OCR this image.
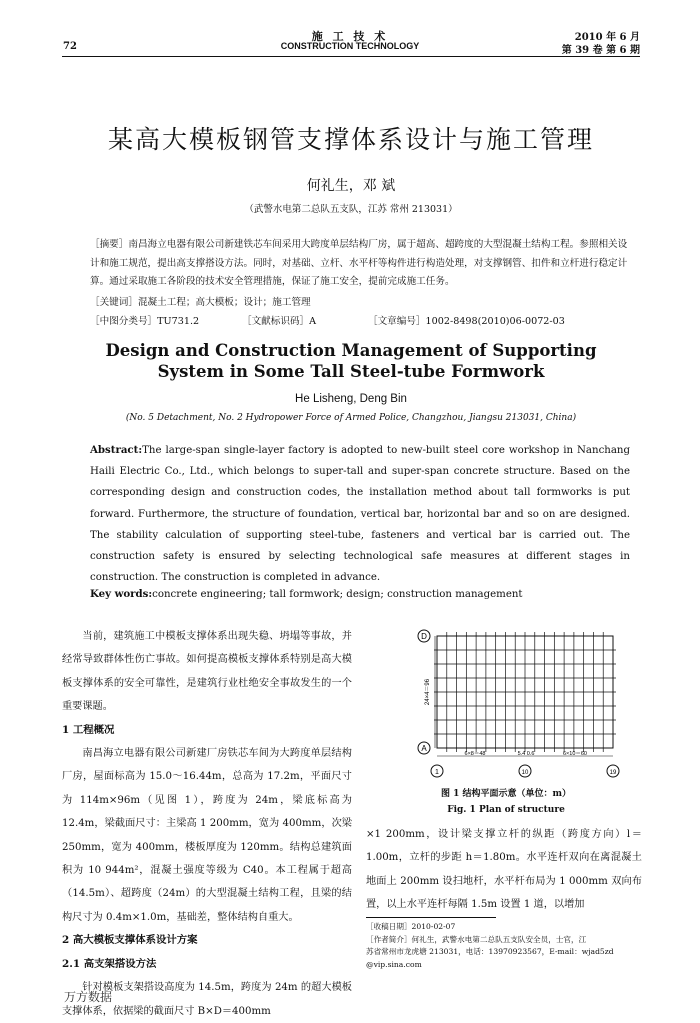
施 工 技 术
CONSTRUCTION TECHNOLOGY
72
2010 年 6 月
第 39 卷 第 6 期
某高大模板钢管支撑体系设计与施工管理
何礼生，邓 斌
（武警水电第二总队五支队，江苏 常州 213031）
［摘要］南昌海立电器有限公司新建铁芯车间采用大跨度单层结构厂房，属于超高、超跨度的大型混凝土结构工程。参照相关设计和施工规范，提出高支撑搭设方法。同时，对基础、立杆、水平杆等构件进行构造处理，对支撑钢管、扣件和立杆进行稳定计算。通过采取施工各阶段的技术安全管理措施，保证了施工安全，提前完成施工任务。
［关键词］混凝土工程；高大模板；设计；施工管理
［中图分类号］TU731.2	［文献标识码］A	［文章编号］1002-8498(2010)06-0072-03
Design and Construction Management of Supporting
System in Some Tall Steel-tube Formwork
He Lisheng, Deng Bin
(No. 5 Detachment, No. 2 Hydropower Force of Armed Police, Changzhou, Jiangsu 213031, China)
Abstract:The large-span single-layer factory is adopted to new-built steel core workshop in Nanchang Haili Electric Co., Ltd., which belongs to super-tall and super-span concrete structure. Based on the corresponding design and construction codes, the installation method about tall formworks is put forward. Furthermore, the structure of foundation, vertical bar, horizontal bar and so on are designed. The stability calculation of supporting steel-tube, fasteners and vertical bar is carried out. The construction safety is ensured by selecting technological safe measures at different stages in construction. The construction is completed in advance.
Key words:concrete engineering; tall formwork; design; construction management

当前，建筑施工中模板支撑体系出现失稳、坍塌等事故，并经常导致群体性伤亡事故。如何提高模板支撑体系特别是高大模板支撑体系的安全可靠性，是建筑行业杜绝安全事故发生的一个重要课题。

1 工程概况

南昌海立电器有限公司新建厂房铁芯车间为大跨度单层结构厂房，屋面标高为 15.0～16.44m，总高为 17.2m，平面尺寸为 114m×96m（见图 1），跨度为 24m，梁底标高为 12.4m，梁截面尺寸：主梁高 1 200mm，宽为 400mm，次梁 250mm，宽为 400mm，楼板厚度为 120mm。结构总建筑面积为 10 944m²，混凝土强度等级为 C40。本工程属于超高（14.5m）、超跨度（24m）的大型混凝土结构工程，且梁的结构尺寸为 0.4m×1.0m，基础差，整体结构自重大。

2 高大模板支撑体系设计方案
2.1 高支架搭设方法

针对模板支架搭设高度为 14.5m，跨度为 24m 的超大模板支撑体系，依据梁的截面尺寸 B×D＝400mm

D
A
1	10	19
24×4＝96
6×8＝48	5.4 0.6	6×10＝60
图 1 结构平面示意（单位：m）
Fig. 1 Plan of structure
×1 200mm，设计梁支撑立杆的纵距（跨度方向）l＝1.00m，立杆的步距 h＝1.80m。水平连杆双向在离混凝土地面上 200mm 设扫地杆，水平杆布局为 1 000mm 双向布置，以上水平连杆每隔 1.5m 设置 1 道，以增加
［收稿日期］2010-02-07
［作者简介］何礼生，武警水电第二总队五支队安全员，士官，江
苏省常州市龙虎塘 213031，电话：13970923567，E-mail：wjad5zd
@vip.sina.com
万方数据
